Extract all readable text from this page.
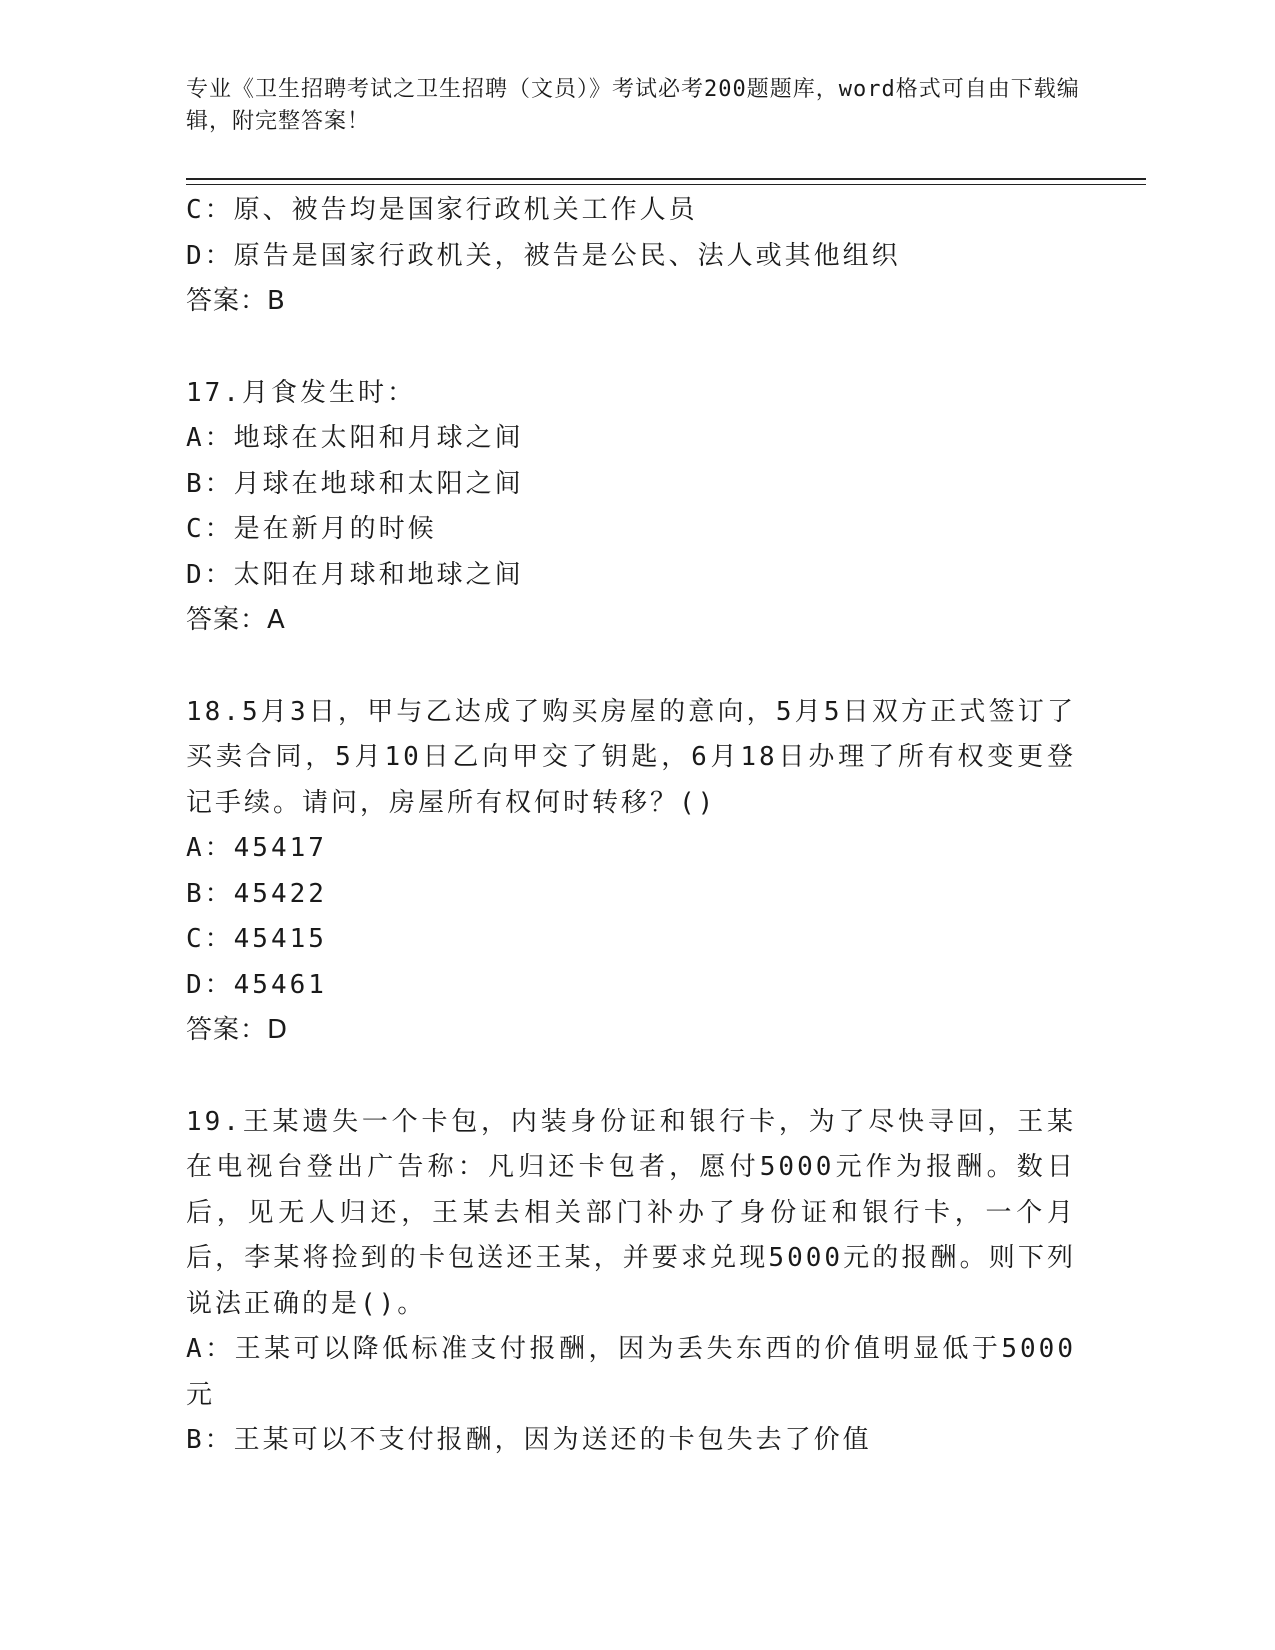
专业《卫生招聘考试之卫生招聘（文员）》考试必考200题题库，word格式可自由下载编辑，附完整答案！
C：原、被告均是国家行政机关工作人员
D：原告是国家行政机关，被告是公民、法人或其他组织
答案：B
17.月食发生时：
A：地球在太阳和月球之间
B：月球在地球和太阳之间
C：是在新月的时候
D：太阳在月球和地球之间
答案：A
18.5月3日，甲与乙达成了购买房屋的意向，5月5日双方正式签订了买卖合同，5月10日乙向甲交了钥匙，6月18日办理了所有权变更登记手续。请问，房屋所有权何时转移？()
A：45417
B：45422
C：45415
D：45461
答案：D
19.王某遗失一个卡包，内装身份证和银行卡，为了尽快寻回，王某在电视台登出广告称：凡归还卡包者，愿付5000元作为报酬。数日后，见无人归还，王某去相关部门补办了身份证和银行卡，一个月后，李某将捡到的卡包送还王某，并要求兑现5000元的报酬。则下列说法正确的是()。
A：王某可以降低标准支付报酬，因为丢失东西的价值明显低于5000元
B：王某可以不支付报酬，因为送还的卡包失去了价值
